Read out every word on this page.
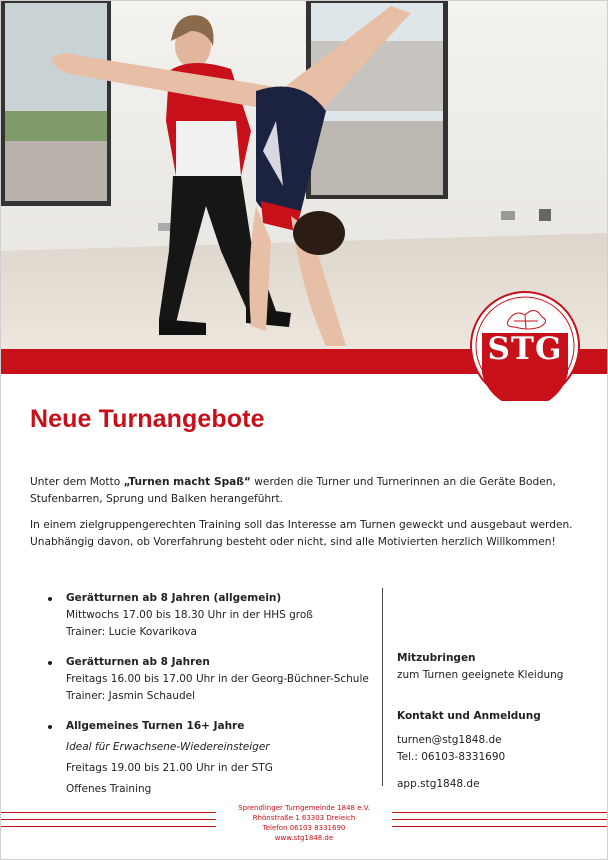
STG
1848
Neue Turnangebote

Unter dem Motto „Turnen macht Spaß“ werden die Turner und Turnerinnen an die Geräte Boden, Stufenbarren, Sprung und Balken herangeführt.

In einem zielgruppengerechten Training soll das Interesse am Turnen geweckt und ausgebaut werden. Unabhängig davon, ob Vorerfahrung besteht oder nicht, sind alle Motivierten herzlich Willkommen!

Gerätturnen ab 8 Jahren (allgemein)
Mittwochs 17.00 bis 18.30 Uhr in der HHS groß
Trainer: Lucie Kovarikova
Gerätturnen ab 8 Jahren
Freitags 16.00 bis 17.00 Uhr in der Georg-Büchner-Schule
Trainer: Jasmin Schaudel
Allgemeines Turnen 16+ Jahre
Ideal für Erwachsene-Wiedereinsteiger
Freitags 19.00 bis 21.00 Uhr in der STG
Offenes Training
Mitzubringen
zum Turnen geeignete Kleidung
Kontakt und Anmeldung
turnen@stg1848.de
Tel.: 06103-8331690
app.stg1848.de
Sprendlinger Turngemeinde 1848 e.V.
Rhönstraße 1 63303 Dreieich
Telefon 06103 8331690
www.stg1848.de
